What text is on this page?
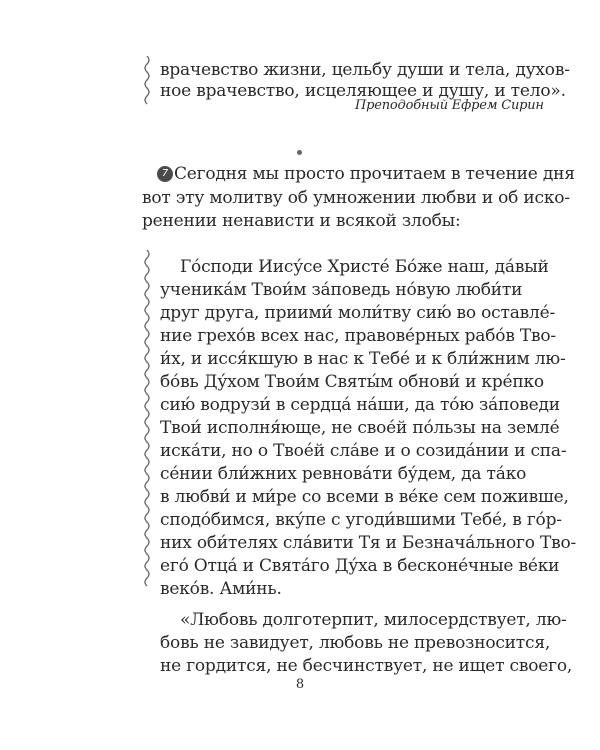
врачевство жизни, цельбу души и тела, духов-
ное врачевство, исцеляющее и душу, и тело».
Преподобный Ефрем Сирин
7 Сегодня мы просто прочитаем в течение дня
вот эту молитву об умножении любви и об иско-
ренении ненависти и всякой злобы:
Го́споди Иису́се Христе́ Бо́же наш, да́вый
ученика́м Твои́м за́поведь но́вую люби́ти
друг друга, приими́ моли́тву сию́ во оставле́-
ние грехо́в всех нас, правове́рных рабо́в Тво-
и́х, и исся́кшую в нас к Тебе́ и к бли́жним лю-
бо́вь Ду́хом Твои́м Святы́м обнови́ и кре́пко
сию́ водрузи́ в сердца́ на́ши, да то́ю за́поведи
Твои́ исполня́юще, не свое́й по́льзы на земле́
иска́ти, но о Твое́й сла́ве и о созида́нии и спа-
се́нии бли́жних ревнова́ти бу́дем, да та́ко
в любви́ и ми́ре со всеми в ве́ке сем поживше,
сподо́бимся, вку́пе с угоди́вшими Тебе́, в го́р-
них оби́телях сла́вити Тя и Безнача́льного Тво-
его́ Отца́ и Свята́го Ду́ха в бесконе́чные ве́ки
веко́в. Ами́нь.
«Любовь долготерпит, милосердствует, лю-
бовь не завидует, любовь не превозносится,
не гордится, не бесчинствует, не ищет своего,
8
